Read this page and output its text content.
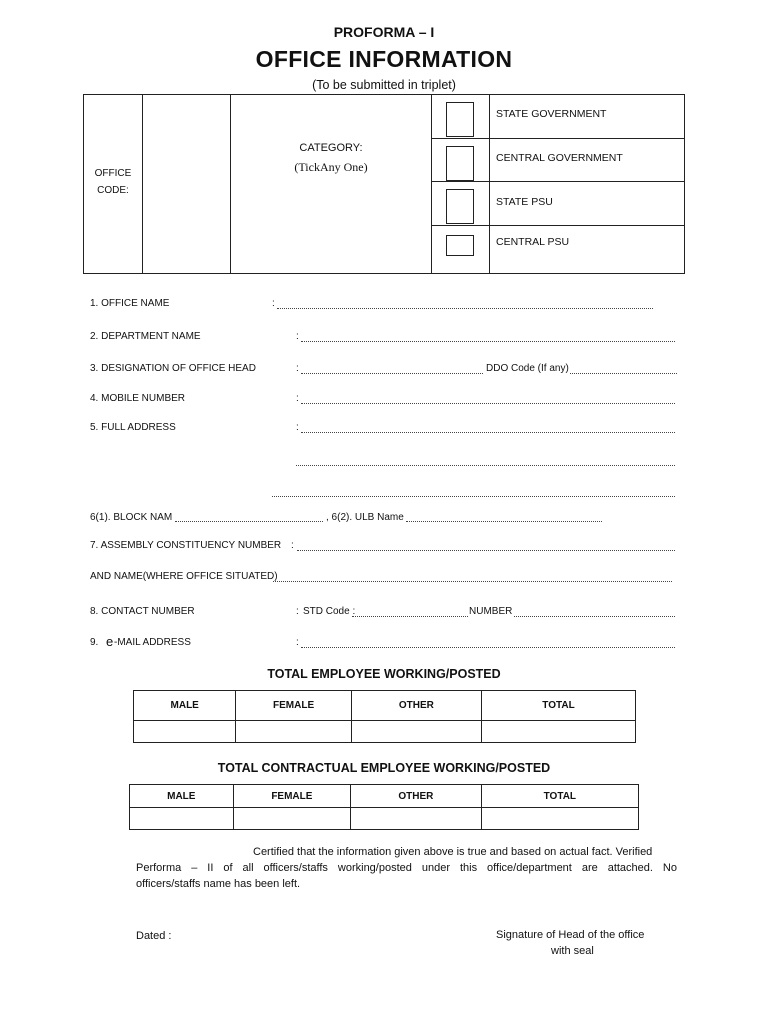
PROFORMA – I
OFFICE INFORMATION
(To be submitted in triplet)
OFFICE
CODE:
CATEGORY:
(TickAny One)
STATE GOVERNMENT
CENTRAL GOVERNMENT
STATE PSU
CENTRAL PSU
1. OFFICE NAME	:
2. DEPARTMENT NAME	:
3. DESIGNATION OF OFFICE HEAD	:	DDO Code (If any)
4. MOBILE NUMBER	:
5. FULL ADDRESS	:
6(1). BLOCK NAM	, 6(2). ULB Name
7. ASSEMBLY CONSTITUENCY NUMBER :
AND NAME(WHERE OFFICE SITUATED)
8. CONTACT NUMBER	: STD Code :	NUMBER
9. e -MAIL ADDRESS	:
TOTAL EMPLOYEE WORKING/POSTED
MALE	FEMALE	OTHER	TOTAL

TOTAL CONTRACTUAL EMPLOYEE WORKING/POSTED
MALE	FEMALE	OTHER	TOTAL

Certified that the information given above is true and based on actual fact. Verified
Performa – II of all officers/staffs working/posted under this office/department are attached. No
officers/staffs name has been left.
Dated :	Signature of Head of the office
with seal
